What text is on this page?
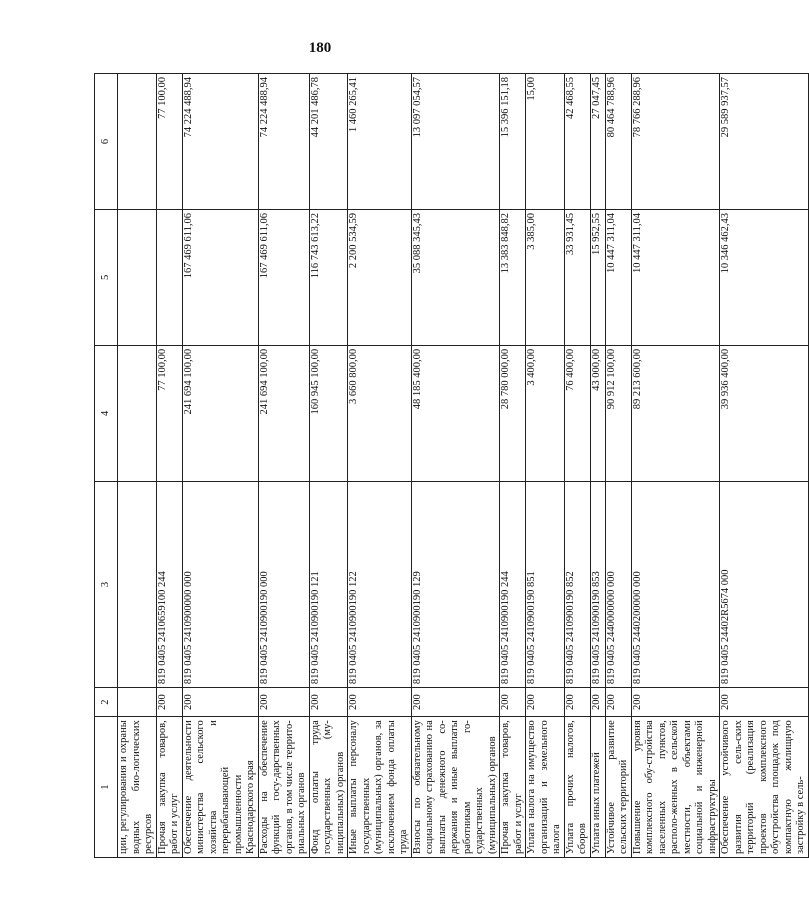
180
1	2	3	4	5	6
ции, регулирования и охраны водных био-логических ресурсов					
Прочая закупка товаров, работ и услуг	200	819 0405 2410659100 244	77 100,00		77 100,00
Обеспечение деятельности министерства сельского хозяйства и перерабатывающей промышленности Краснодарского края	200	819 0405 2410900000 000	241 694 100,00	167 469 611,06	74 224 488,94
Расходы на обеспечение функций госу-дарственных органов, в том числе террито-риальных органов	200	819 0405 2410900190 000	241 694 100,00	167 469 611,06	74 224 488,94
Фонд оплаты труда государственных (му-ниципальных) органов	200	819 0405 2410900190 121	160 945 100,00	116 743 613,22	44 201 486,78
Иные выплаты персоналу государственных (муниципальных) органов, за исключением фонда оплаты труда	200	819 0405 2410900190 122	3 660 800,00	2 200 534,59	1 460 265,41
Взносы по обязательному социальному страхованию на выплаты денежного со-держания и иные выплаты работникам го-сударственных (муниципальных) органов	200	819 0405 2410900190 129	48 185 400,00	35 088 345,43	13 097 054,57
Прочая закупка товаров, работ и услуг	200	819 0405 2410900190 244	28 780 000,00	13 383 848,82	15 396 151,18
Уплата налога на имущество организаций и земельного налога	200	819 0405 2410900190 851	3 400,00	3 385,00	15,00
Уплата прочих налогов, сборов	200	819 0405 2410900190 852	76 400,00	33 931,45	42 468,55
Уплата иных платежей	200	819 0405 2410900190 853	43 000,00	15 952,55	27 047,45
Устойчивое развитие сельских территорий	200	819 0405 2440000000 000	90 912 100,00	10 447 311,04	80 464 788,96
Повышение уровня комплексного обу-стройства населенных пунктов, располо-женных в сельской местности, объектами социальной и инженерной инфраструктуры	200	819 0405 2440200000 000	89 213 600,00	10 447 311,04	78 766 288,96
Обеспечение устойчивого развития сель-ских территорий (реализация проектов комплексного обустройства площадок под компактную жилищную застройку в сель-	200	819 0405 24402R5674 000	39 936 400,00	10 346 462,43	29 589 937,57
